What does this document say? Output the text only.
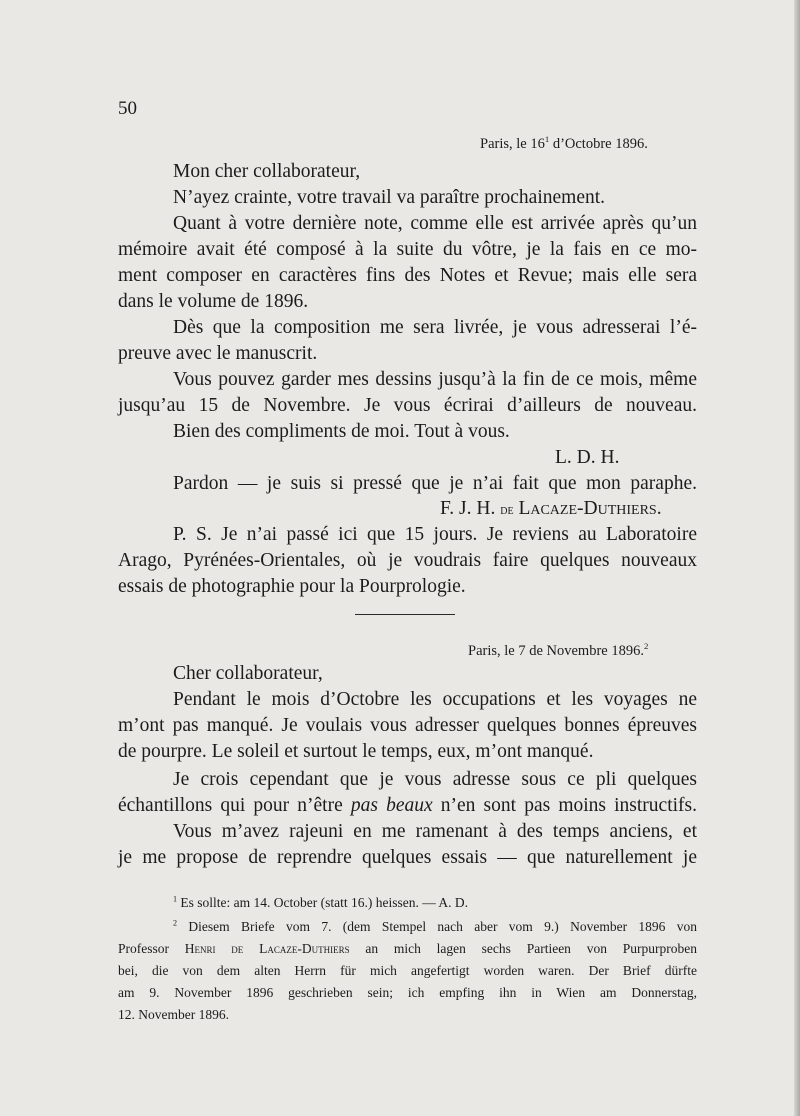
50
Paris, le $16^1$ d’Octobre 1896.
Mon cher collaborateur,
N’ayez crainte, votre travail va paraître prochainement.
Quant à votre dernière note, comme elle est arrivée après qu’un
mémoire avait été composé à la suite du vôtre, je la fais en ce mo-
ment composer en caractères fins des Notes et Revue; mais elle sera
dans le volume de 1896.
Dès que la composition me sera livrée, je vous adresserai l’é-
preuve avec le manuscrit.
Vous pouvez garder mes dessins jusqu’à la fin de ce mois, même
jusqu’au 15 de Novembre. Je vous écrirai d’ailleurs de nouveau.
Bien des compliments de moi. Tout à vous.
L. D. H.
Pardon — je suis si pressé que je n’ai fait que mon paraphe.
F. J. H. de Lacaze-Duthiers.
P. S. Je n’ai passé ici que 15 jours. Je reviens au Laboratoire
Arago, Pyrénées-Orientales, où je voudrais faire quelques nouveaux
essais de photographie pour la Pourprologie.
Paris, le 7 de Novembre 1896.$^2$
Cher collaborateur,
Pendant le mois d’Octobre les occupations et les voyages ne
m’ont pas manqué. Je voulais vous adresser quelques bonnes épreuves
de pourpre. Le soleil et surtout le temps, eux, m’ont manqué.
Je crois cependant que je vous adresse sous ce pli quelques
échantillons qui pour n’être pas beaux n’en sont pas moins instructifs.
Vous m’avez rajeuni en me ramenant à des temps anciens, et
je me propose de reprendre quelques essais — que naturellement je
$^1$ Es sollte: am 14. October (statt 16.) heissen. — A. D.
$^2$ Diesem Briefe vom 7. (dem Stempel nach aber vom 9.) November 1896 von
Professor Henri de Lacaze-Duthiers an mich lagen sechs Partieen von Purpurproben
bei, die von dem alten Herrn für mich angefertigt worden waren. Der Brief dürfte
am 9. November 1896 geschrieben sein; ich empfing ihn in Wien am Donnerstag,
12. November 1896.
